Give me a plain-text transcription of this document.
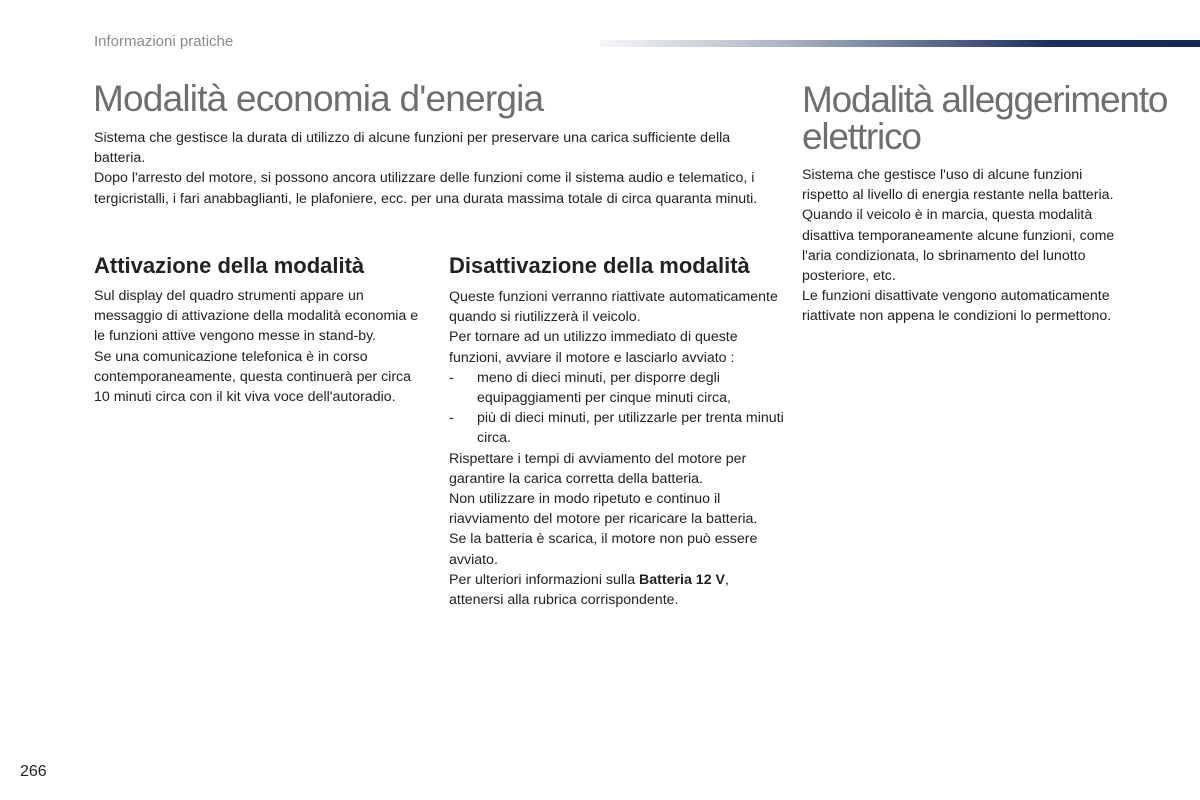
Informazioni pratiche
Modalità economia d'energia

Sistema che gestisce la durata di utilizzo di alcune funzioni per preservare una carica sufficiente della batteria.

Dopo l'arresto del motore, si possono ancora utilizzare delle funzioni come il sistema audio e telematico, i tergicristalli, i fari anabbaglianti, le plafoniere, ecc. per una durata massima totale di circa quaranta minuti.

Attivazione della modalità

Sul display del quadro strumenti appare un messaggio di attivazione della modalità economia e le funzioni attive vengono messe in stand-by.

Se una comunicazione telefonica è in corso contemporaneamente, questa continuerà per circa 10 minuti circa con il kit viva voce dell'autoradio.

Disattivazione della modalità

Queste funzioni verranno riattivate automaticamente quando si riutilizzerà il veicolo.

Per tornare ad un utilizzo immediato di queste funzioni, avviare il motore e lasciarlo avviato :

- meno di dieci minuti, per disporre degli equipaggiamenti per cinque minuti circa,
- più di dieci minuti, per utilizzarle per trenta minuti circa.

Rispettare i tempi di avviamento del motore per garantire la carica corretta della batteria.

Non utilizzare in modo ripetuto e continuo il riavviamento del motore per ricaricare la batteria.

Se la batteria è scarica, il motore non può essere avviato.

Per ulteriori informazioni sulla Batteria 12 V, attenersi alla rubrica corrispondente.

Modalità alleggerimento elettrico

Sistema che gestisce l'uso di alcune funzioni rispetto al livello di energia restante nella batteria.

Quando il veicolo è in marcia, questa modalità disattiva temporaneamente alcune funzioni, come l'aria condizionata, lo sbrinamento del lunotto posteriore, etc.

Le funzioni disattivate vengono automaticamente riattivate non appena le condizioni lo permettono.

266
